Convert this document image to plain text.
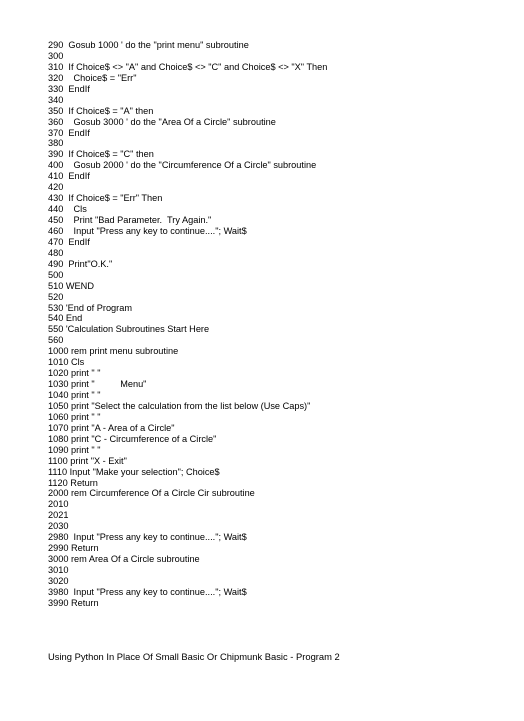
290  Gosub 1000 ' do the "print menu" subroutine
300
310  If Choice$ <> "A" and Choice$ <> "C" and Choice$ <> "X" Then
320    Choice$ = "Err"
330  EndIf
340
350  If Choice$ = "A" then
360    Gosub 3000 ' do the "Area Of a Circle" subroutine
370  EndIf
380
390  If Choice$ = "C" then
400    Gosub 2000 ' do the "Circumference Of a Circle" subroutine
410  EndIf
420
430  If Choice$ = "Err" Then
440    Cls
450    Print "Bad Parameter.  Try Again."
460    Input "Press any key to continue...."; Wait$
470  EndIf
480
490  Print"O.K."
500
510 WEND
520
530 'End of Program
540 End
550 'Calculation Subroutines Start Here
560
1000 rem print menu subroutine
1010 Cls
1020 print " "
1030 print "          Menu"
1040 print " "
1050 print "Select the calculation from the list below (Use Caps)"
1060 print " "
1070 print "A - Area of a Circle"
1080 print "C - Circumference of a Circle"
1090 print " "
1100 print "X - Exit"
1110 Input "Make your selection"; Choice$
1120 Return
2000 rem Circumference Of a Circle Cir subroutine
2010
2021
2030
2980  Input "Press any key to continue...."; Wait$
2990 Return
3000 rem Area Of a Circle subroutine
3010
3020
3980  Input "Press any key to continue...."; Wait$
3990 Return
Using Python In Place Of Small Basic Or Chipmunk Basic - Program 2
